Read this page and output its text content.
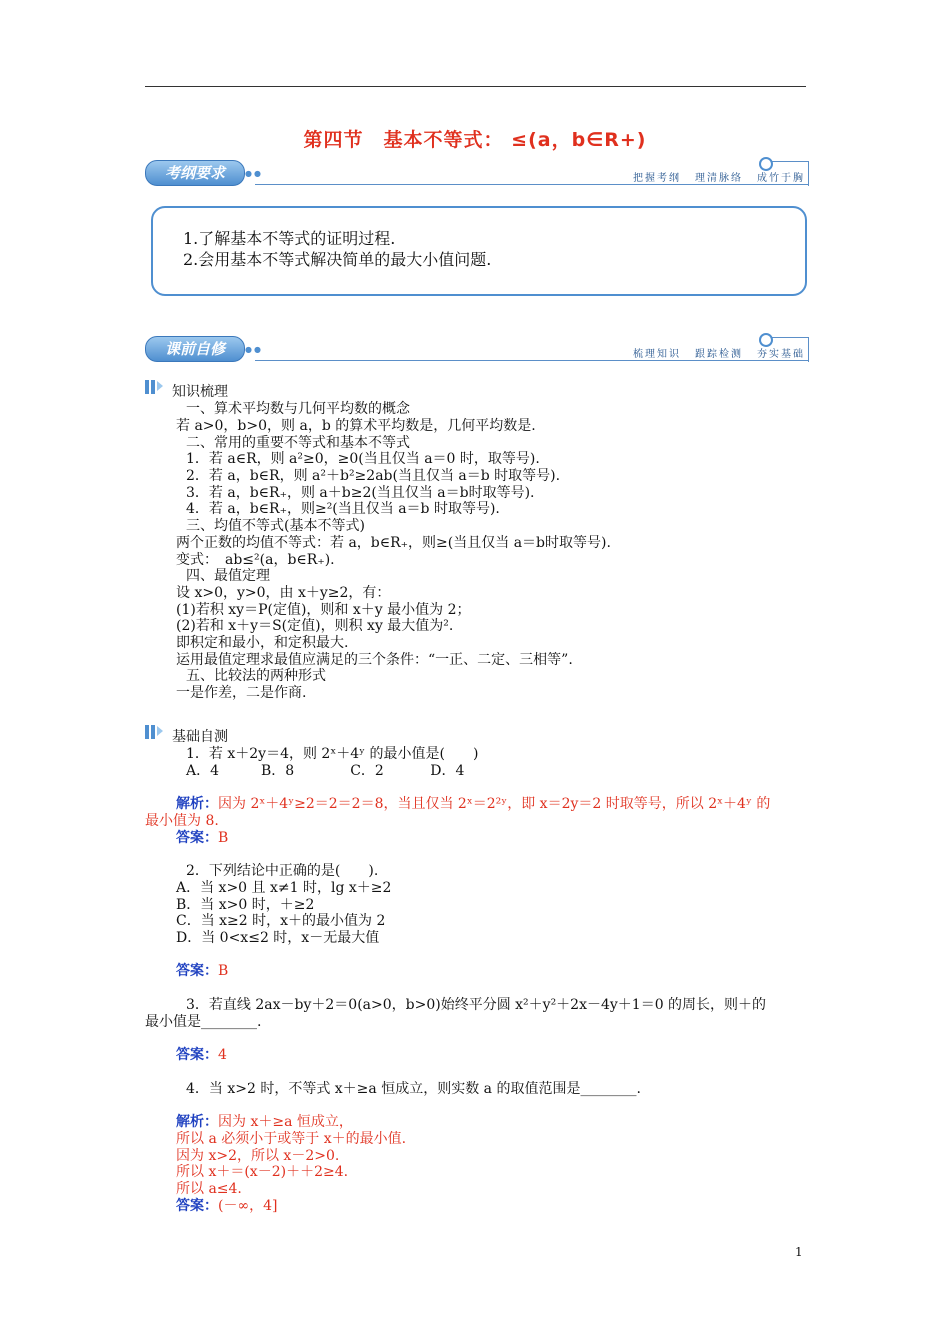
第四节　基本不等式： ≤(a，b∈R+)
考纲要求	●●	把握考纲 理清脉络 成竹于胸
1.了解基本不等式的证明过程.
2.会用基本不等式解决简单的最大小值问题.
课前自修	●●	梳理知识 跟踪检测 夯实基础
知识梳理
　一、算术平均数与几何平均数的概念
若 a>0，b>0，则 a，b 的算术平均数是，几何平均数是.
　二、常用的重要不等式和基本不等式
　1．若 a∈R，则 a²≥0，≥0(当且仅当 a＝0 时，取等号).
　2．若 a，b∈R，则 a²＋b²≥2ab(当且仅当 a＝b 时取等号).
　3．若 a，b∈R₊，则 a＋b≥2(当且仅当 a＝b时取等号).
　4．若 a，b∈R₊，则≥²(当且仅当 a＝b 时取等号).
　三、均值不等式(基本不等式)
两个正数的均值不等式：若 a，b∈R₊，则≥(当且仅当 a＝b时取等号).
变式：　ab≤²(a，b∈R₊).
　四、最值定理
设 x>0，y>0，由 x＋y≥2，有：
(1)若积 xy＝P(定值)，则和 x＋y 最小值为 2；
(2)若和 x＋y＝S(定值)，则积 xy 最大值为².
即积定和最小，和定积最大.
运用最值定理求最值应满足的三个条件：“一正、二定、三相等”.
　五、比较法的两种形式
一是作差，二是作商.
基础自测
　1．若 x＋2y＝4，则 2ˣ＋4ʸ 的最小值是(　　)
　A．4　　　B．8　　　　C．2　　　 D．4
解析：因为 2ˣ＋4ʸ≥2＝2＝2＝8，当且仅当 2ˣ＝2²ʸ，即 x＝2y＝2 时取等号，所以 2ˣ＋4ʸ 的
最小值为 8.
答案：B
　2．下列结论中正确的是(　　).
A．当 x>0 且 x≠1 时，lg x＋≥2
B．当 x>0 时，＋≥2
C．当 x≥2 时，x＋的最小值为 2
D．当 0<x≤2 时，x－无最大值
答案：B
　3．若直线 2ax－by＋2＝0(a>0，b>0)始终平分圆 x²＋y²＋2x－4y＋1＝0 的周长，则＋的
最小值是________.
答案：4
　4．当 x>2 时，不等式 x＋≥a 恒成立，则实数 a 的取值范围是________.
解析：因为 x＋≥a 恒成立，
所以 a 必须小于或等于 x＋的最小值.
因为 x>2，所以 x－2>0.
所以 x＋＝(x－2)＋＋2≥4.
所以 a≤4.
答案：(－∞，4]
1
